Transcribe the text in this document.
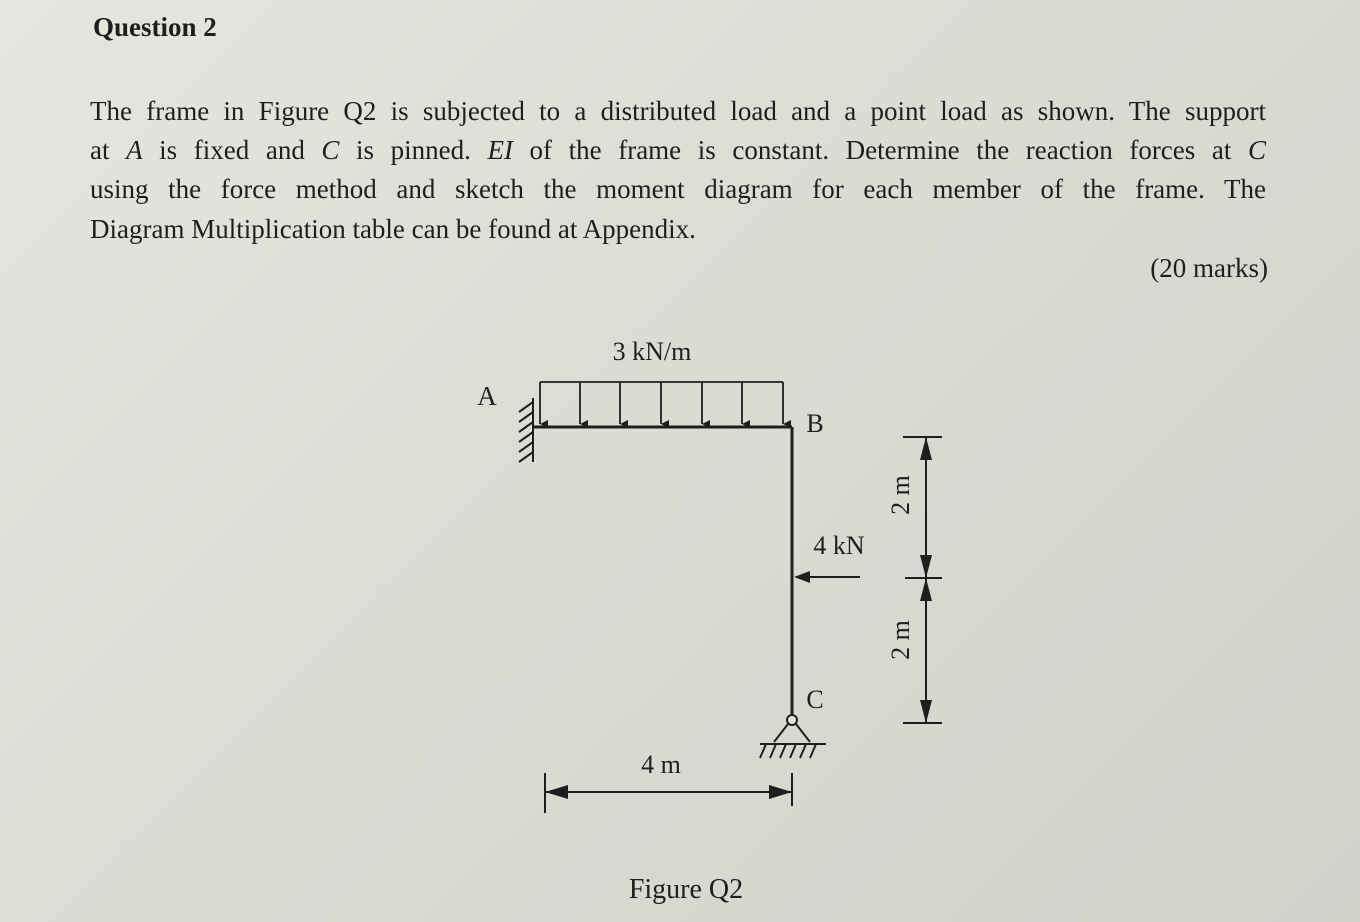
Question 2

The frame in Figure Q2 is subjected to a distributed load and a point load as shown. The support

at A is fixed and C is pinned. EI of the frame is constant. Determine the reaction forces at C

using the force method and sketch the moment diagram for each member of the frame. The

Diagram Multiplication table can be found at Appendix.

(20 marks)

3 kN/m
4 kN
A
B
C
4 m
2 m
2 m
Figure Q2
